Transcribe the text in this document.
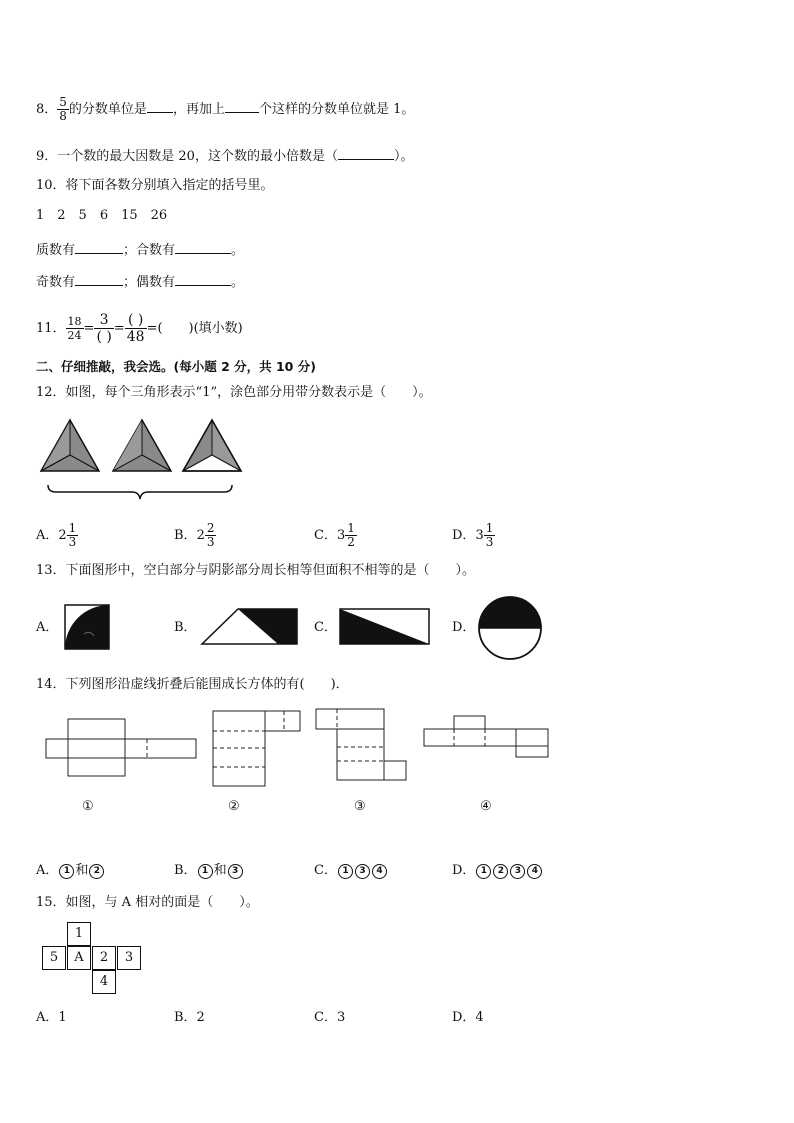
8． $\frac{5}{8}$ 的分数单位是 ，再加上	个这样的分数单位就是 1。
9．一个数的最大因数是 20，这个数的最小倍数是（	）。
10．将下面各数分别填入指定的括号里。
1　2　5　6　15　26
质数有	；合数有	。
奇数有	；偶数有	。
11． $\frac{18}{24} = \frac{3}{( )} = \frac{( )}{48}$ =(　　)(填小数)
二、仔细推敲，我会选。(每小题 2 分，共 10 分)
12．如图，每个三角形表示“1”，涂色部分用带分数表示是（　　）。
A．$2 \frac{1}{3}$	B．$2 \frac{2}{3}$	C．$3 \frac{1}{2}$	D．$3 \frac{1}{3}$
13．下面图形中，空白部分与阴影部分周长相等但面积不相等的是（　　）。
A．	B．	C．	D．
14．下列图形沿虚线折叠后能围成长方体的有(　　)．
①	②	③	④
A． 1 和 2	B． 1 和 3	C． 1 3 4	D． 1 2 3 4
15．如图，与 A 相对的面是（　　）。
1
5	A	2	3
4
A．1	B．2	C．3	D．4
